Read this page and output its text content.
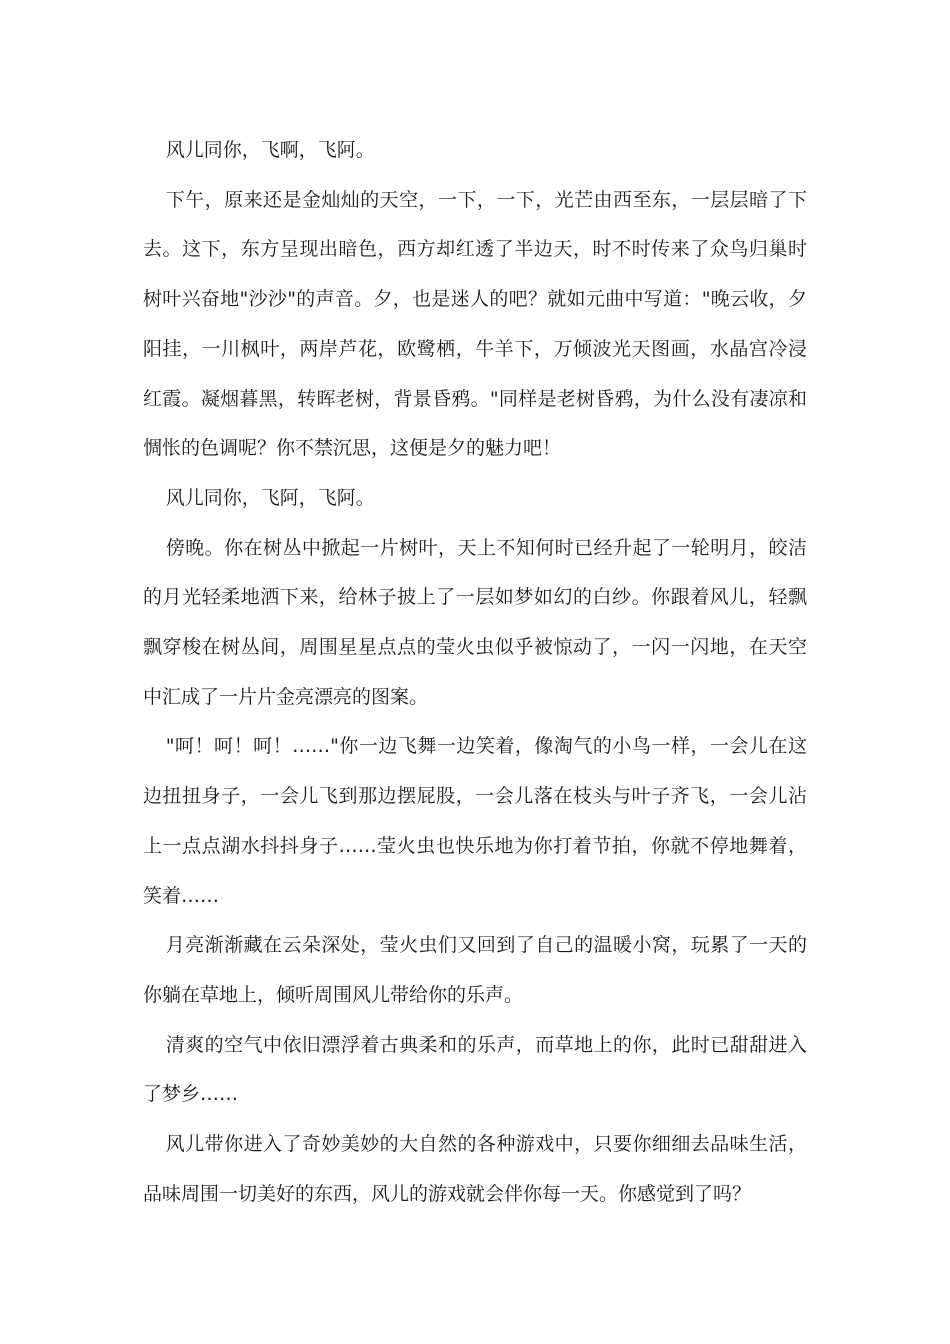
风儿同你，飞啊，飞阿。

下午，原来还是金灿灿的天空，一下，一下，光芒由西至东，一层层暗了下去。这下，东方呈现出暗色，西方却红透了半边天，时不时传来了众鸟归巢时树叶兴奋地"沙沙"的声音。夕，也是迷人的吧？就如元曲中写道："晚云收，夕阳挂，一川枫叶，两岸芦花，欧鹭栖，牛羊下，万倾波光天图画，水晶宫冷浸红霞。凝烟暮黑，转晖老树，背景昏鸦。"同样是老树昏鸦，为什么没有凄凉和惆怅的色调呢？你不禁沉思，这便是夕的魅力吧！

风儿同你，飞阿，飞阿。

傍晚。你在树丛中掀起一片树叶，天上不知何时已经升起了一轮明月，皎洁的月光轻柔地洒下来，给林子披上了一层如梦如幻的白纱。你跟着风儿，轻飘飘穿梭在树丛间，周围星星点点的莹火虫似乎被惊动了，一闪一闪地，在天空中汇成了一片片金亮漂亮的图案。

"呵！呵！呵！……"你一边飞舞一边笑着，像淘气的小鸟一样，一会儿在这边扭扭身子，一会儿飞到那边摆屁股，一会儿落在枝头与叶子齐飞，一会儿沾上一点点湖水抖抖身子……莹火虫也快乐地为你打着节拍，你就不停地舞着，笑着……

月亮渐渐藏在云朵深处，莹火虫们又回到了自己的温暖小窝，玩累了一天的你躺在草地上，倾听周围风儿带给你的乐声。

清爽的空气中依旧漂浮着古典柔和的乐声，而草地上的你，此时已甜甜进入了梦乡……

风儿带你进入了奇妙美妙的大自然的各种游戏中，只要你细细去品味生活，品味周围一切美好的东西，风儿的游戏就会伴你每一天。你感觉到了吗？
